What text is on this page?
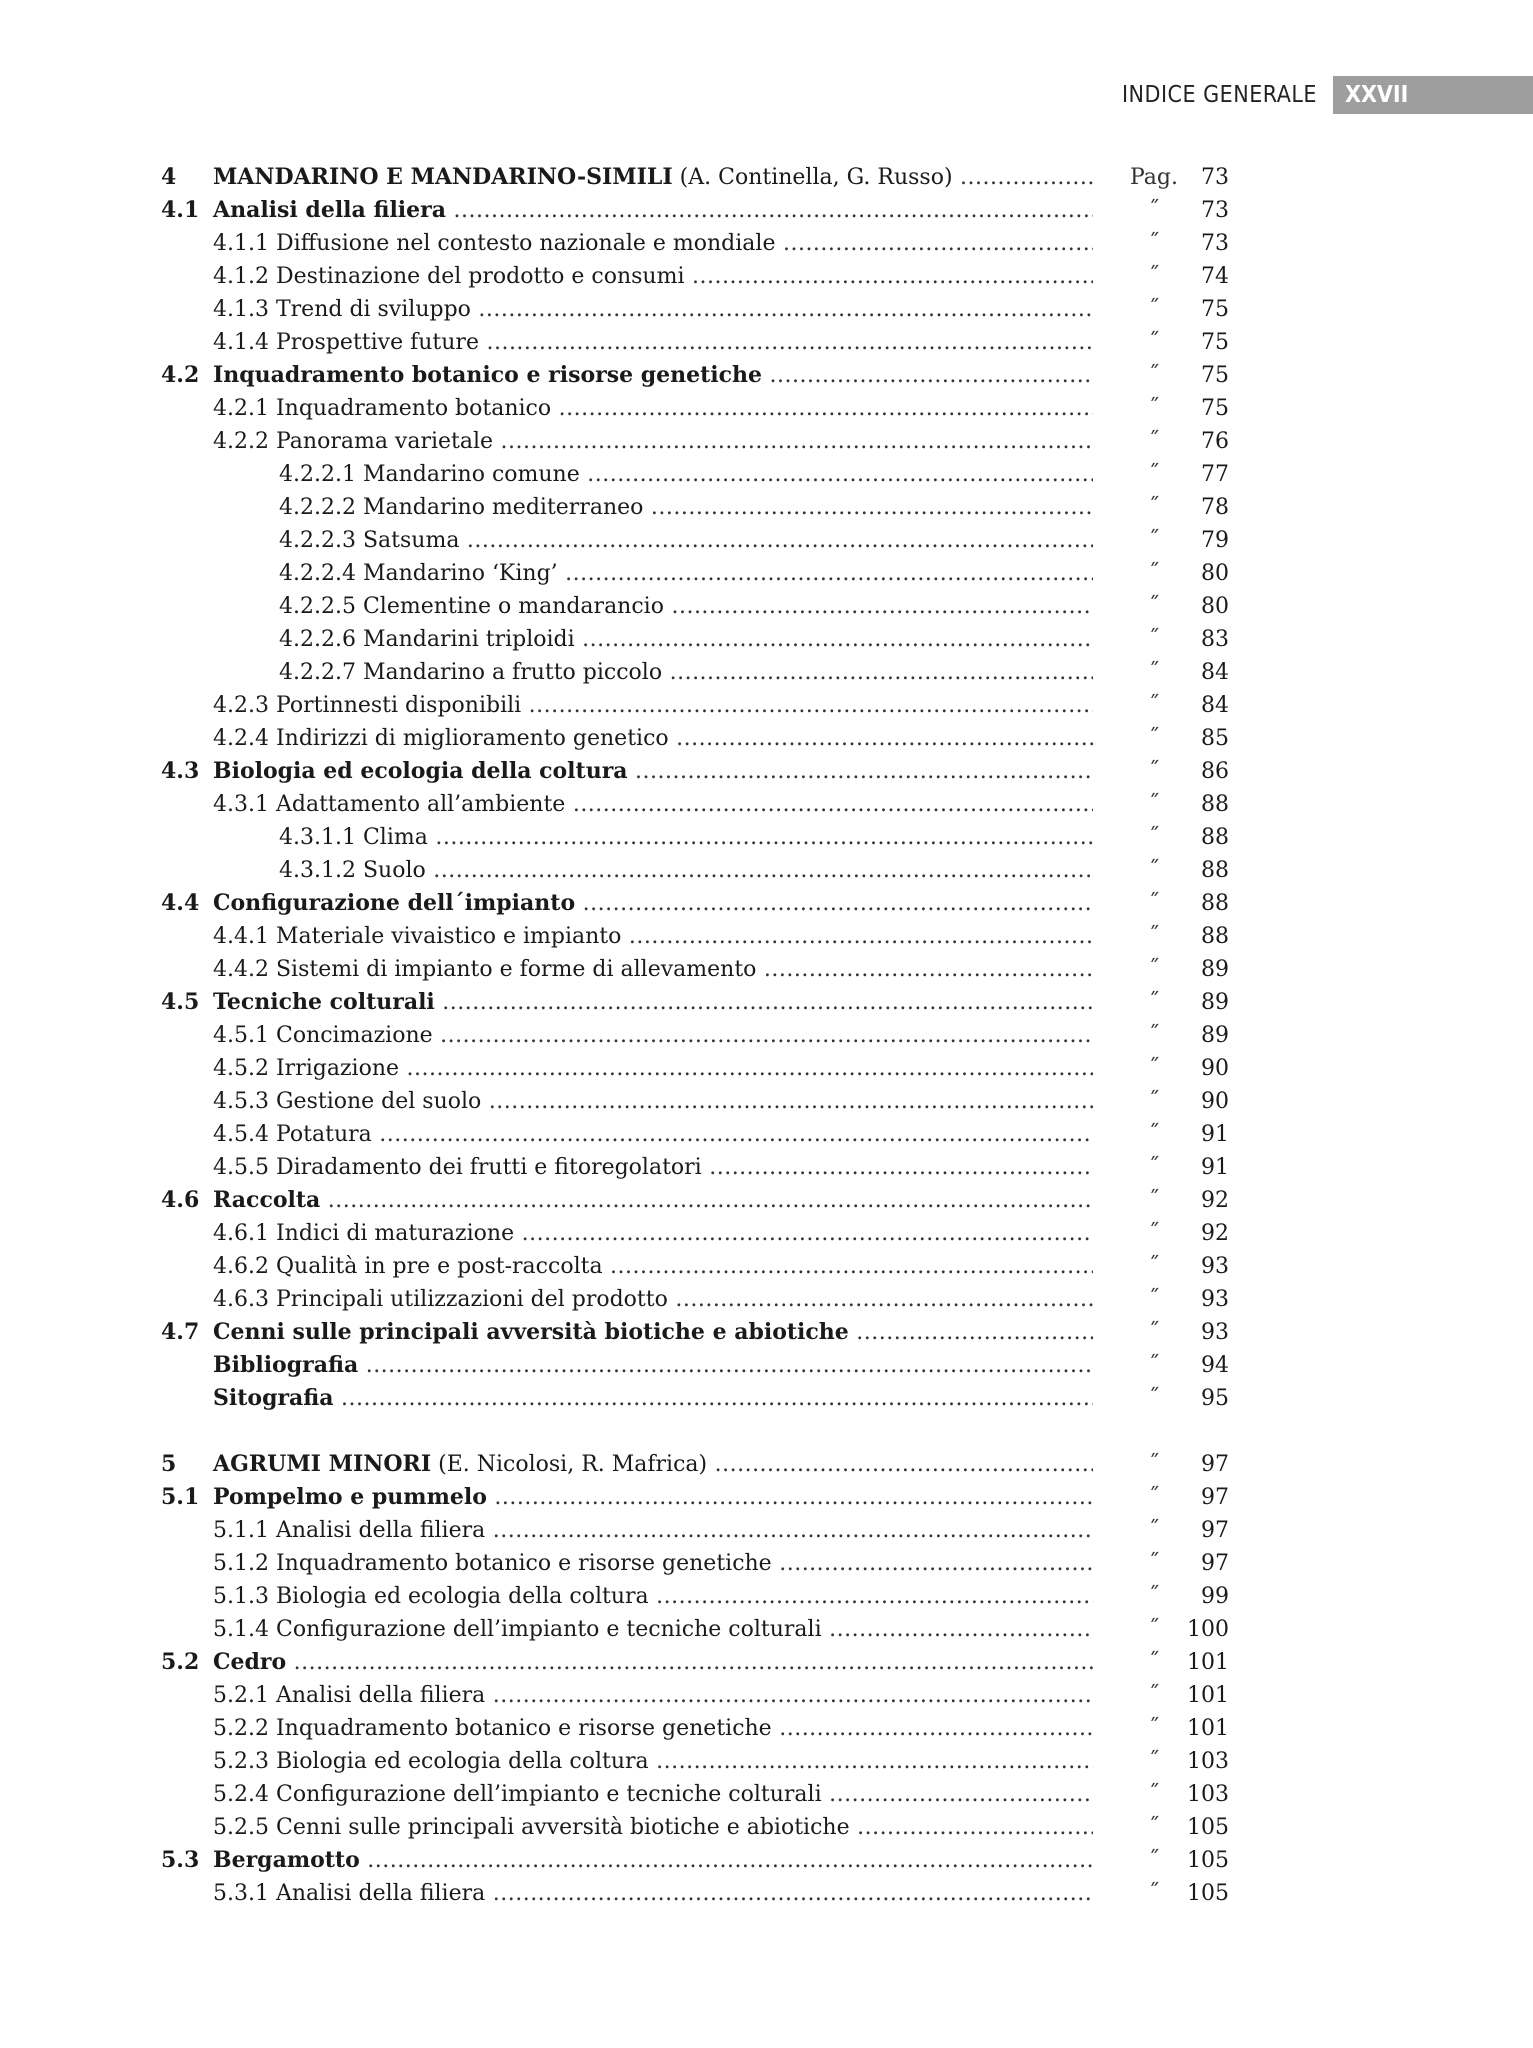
INDICE GENERALE	XXVII
4 MANDARINO E MANDARINO-SIMILI (A. Continella, G. Russo) .....	Pag.	73
4.1 Analisi della filiera .....	˝	73
4.1.1 Diffusione nel contesto nazionale e mondiale .....	˝	73
4.1.2 Destinazione del prodotto e consumi .....	˝	74
4.1.3 Trend di sviluppo .....	˝	75
4.1.4 Prospettive future .....	˝	75
4.2 Inquadramento botanico e risorse genetiche .....	˝	75
4.2.1 Inquadramento botanico .....	˝	75
4.2.2 Panorama varietale .....	˝	76
4.2.2.1 Mandarino comune .....	˝	77
4.2.2.2 Mandarino mediterraneo .....	˝	78
4.2.2.3 Satsuma .....	˝	79
4.2.2.4 Mandarino ‘King’ .....	˝	80
4.2.2.5 Clementine o mandarancio .....	˝	80
4.2.2.6 Mandarini triploidi .....	˝	83
4.2.2.7 Mandarino a frutto piccolo .....	˝	84
4.2.3 Portinnesti disponibili .....	˝	84
4.2.4 Indirizzi di miglioramento genetico .....	˝	85
4.3 Biologia ed ecologia della coltura .....	˝	86
4.3.1 Adattamento all’ambiente .....	˝	88
4.3.1.1 Clima .....	˝	88
4.3.1.2 Suolo .....	˝	88
4.4 Configurazione dell´impianto .....	˝	88
4.4.1 Materiale vivaistico e impianto .....	˝	88
4.4.2 Sistemi di impianto e forme di allevamento .....	˝	89
4.5 Tecniche colturali .....	˝	89
4.5.1 Concimazione .....	˝	89
4.5.2 Irrigazione .....	˝	90
4.5.3 Gestione del suolo .....	˝	90
4.5.4 Potatura .....	˝	91
4.5.5 Diradamento dei frutti e fitoregolatori .....	˝	91
4.6 Raccolta .....	˝	92
4.6.1 Indici di maturazione .....	˝	92
4.6.2 Qualità in pre e post-raccolta .....	˝	93
4.6.3 Principali utilizzazioni del prodotto .....	˝	93
4.7 Cenni sulle principali avversità biotiche e abiotiche .....	˝	93
Bibliografia .....	˝	94
Sitografia .....	˝	95
5 AGRUMI MINORI (E. Nicolosi, R. Mafrica) .....	˝	97
5.1 Pompelmo e pummelo .....	˝	97
5.1.1 Analisi della filiera .....	˝	97
5.1.2 Inquadramento botanico e risorse genetiche .....	˝	97
5.1.3 Biologia ed ecologia della coltura .....	˝	99
5.1.4 Configurazione dell’impianto e tecniche colturali .....	˝	100
5.2 Cedro .....	˝	101
5.2.1 Analisi della filiera .....	˝	101
5.2.2 Inquadramento botanico e risorse genetiche .....	˝	101
5.2.3 Biologia ed ecologia della coltura .....	˝	103
5.2.4 Configurazione dell’impianto e tecniche colturali .....	˝	103
5.2.5 Cenni sulle principali avversità biotiche e abiotiche .....	˝	105
5.3 Bergamotto .....	˝	105
5.3.1 Analisi della filiera .....	˝	105
